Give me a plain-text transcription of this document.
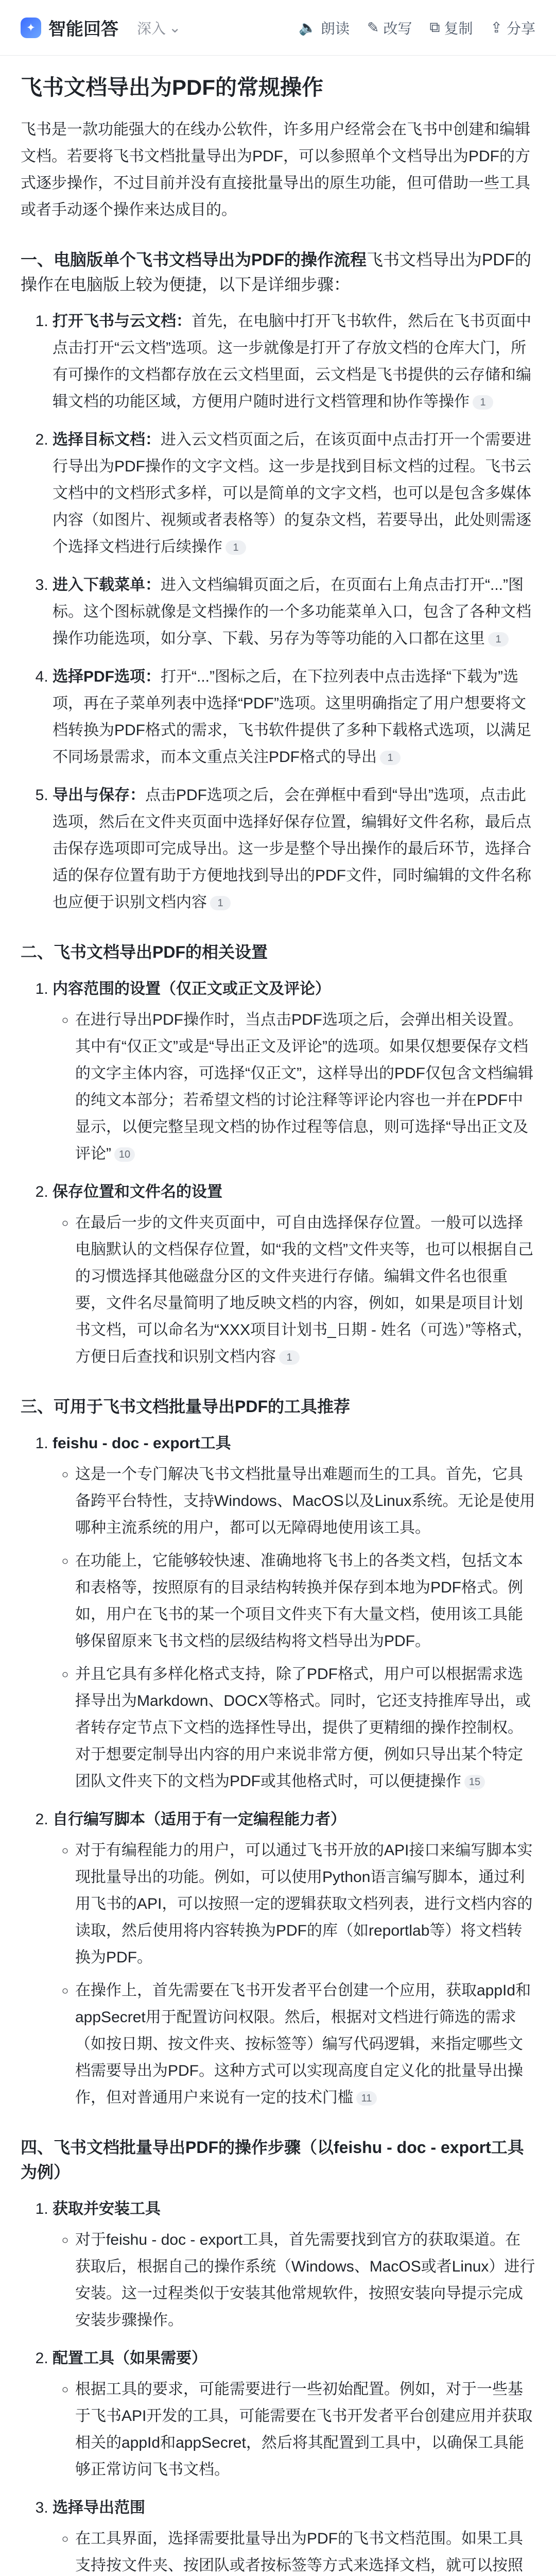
✦ 智能回答 深入 ⌄	🔈 朗读 ✎ 改写 ⧉ 复制 ⇪ 分享
飞书文档导出为PDF的常规操作

飞书是一款功能强大的在线办公软件，许多用户经常会在飞书中创建和编辑文档。若要将飞书文档批量导出为PDF，可以参照单个文档导出为PDF的方式逐步操作，不过目前并没有直接批量导出的原生功能，但可借助一些工具或者手动逐个操作来达成目的。

一、电脑版单个飞书文档导出为PDF的操作流程飞书文档导出为PDF的操作在电脑版上较为便捷，以下是详细步骤：
1. 打开飞书与云文档：首先，在电脑中打开飞书软件，然后在飞书页面中点击打开“云文档”选项。这一步就像是打开了存放文档的仓库大门，所有可操作的文档都存放在云文档里面，云文档是飞书提供的云存储和编辑文档的功能区域，方便用户随时进行文档管理和协作等操作 1
2. 选择目标文档：进入云文档页面之后，在该页面中点击打开一个需要进行导出为PDF操作的文字文档。这一步是找到目标文档的过程。飞书云文档中的文档形式多样，可以是简单的文字文档，也可以是包含多媒体内容（如图片、视频或者表格等）的复杂文档，若要导出，此处则需逐个选择文档进行后续操作 1
3. 进入下载菜单：进入文档编辑页面之后，在页面右上角点击打开“...”图标。这个图标就像是文档操作的一个多功能菜单入口，包含了各种文档操作功能选项，如分享、下载、另存为等等功能的入口都在这里 1
4. 选择PDF选项：打开“...”图标之后，在下拉列表中点击选择“下载为”选项，再在子菜单列表中选择“PDF”选项。这里明确指定了用户想要将文档转换为PDF格式的需求，飞书软件提供了多种下载格式选项，以满足不同场景需求，而本文重点关注PDF格式的导出 1
5. 导出与保存：点击PDF选项之后，会在弹框中看到“导出”选项，点击此选项，然后在文件夹页面中选择好保存位置，编辑好文件名称，最后点击保存选项即可完成导出。这一步是整个导出操作的最后环节，选择合适的保存位置有助于方便地找到导出的PDF文件，同时编辑的文件名称也应便于识别文档内容 1
二、飞书文档导出PDF的相关设置
1. 内容范围的设置（仅正文或正文及评论）
◦ 在进行导出PDF操作时，当点击PDF选项之后，会弹出相关设置。其中有“仅正文”或是“导出正文及评论”的选项。如果仅想要保存文档的文字主体内容，可选择“仅正文”，这样导出的PDF仅包含文档编辑的纯文本部分；若希望文档的讨论注释等评论内容也一并在PDF中显示，以便完整呈现文档的协作过程等信息，则可选择“导出正文及评论” 10
2. 保存位置和文件名的设置
◦ 在最后一步的文件夹页面中，可自由选择保存位置。一般可以选择电脑默认的文档保存位置，如“我的文档”文件夹等，也可以根据自己的习惯选择其他磁盘分区的文件夹进行存储。编辑文件名也很重要，文件名尽量简明了地反映文档的内容，例如，如果是项目计划书文档，可以命名为“XXX项目计划书_日期 - 姓名（可选）”等格式，方便日后查找和识别文档内容 1
三、可用于飞书文档批量导出PDF的工具推荐
1. feishu - doc - export工具
◦ 这是一个专门解决飞书文档批量导出难题而生的工具。首先，它具备跨平台特性，支持Windows、MacOS以及Linux系统。无论是使用哪种主流系统的用户，都可以无障碍地使用该工具。
◦ 在功能上，它能够较快速、准确地将飞书上的各类文档，包括文本和表格等，按照原有的目录结构转换并保存到本地为PDF格式。例如，用户在飞书的某一个项目文件夹下有大量文档，使用该工具能够保留原来飞书文档的层级结构将文档导出为PDF。
◦ 并且它具有多样化格式支持，除了PDF格式，用户可以根据需求选择导出为Markdown、DOCX等格式。同时，它还支持推库导出，或者转存定节点下文档的选择性导出，提供了更精细的操作控制权。对于想要定制导出内容的用户来说非常方便，例如只导出某个特定团队文件夹下的文档为PDF或其他格式时，可以便捷操作 15
2. 自行编写脚本（适用于有一定编程能力者）
◦ 对于有编程能力的用户，可以通过飞书开放的API接口来编写脚本实现批量导出的功能。例如，可以使用Python语言编写脚本，通过利用飞书的API，可以按照一定的逻辑获取文档列表，进行文档内容的读取，然后使用将内容转换为PDF的库（如reportlab等）将文档转换为PDF。
◦ 在操作上，首先需要在飞书开发者平台创建一个应用，获取appId和appSecret用于配置访问权限。然后，根据对文档进行筛选的需求（如按日期、按文件夹、按标签等）编写代码逻辑，来指定哪些文档需要导出为PDF。这种方式可以实现高度自定义化的批量导出操作，但对普通用户来说有一定的技术门槛 11
四、飞书文档批量导出PDF的操作步骤（以feishu - doc - export工具为例）
1. 获取并安装工具
◦ 对于feishu - doc - export工具，首先需要找到官方的获取渠道。在获取后，根据自己的操作系统（Windows、MacOS或者Linux）进行安装。这一过程类似于安装其他常规软件，按照安装向导提示完成安装步骤操作。
2. 配置工具（如果需要）
◦ 根据工具的要求，可能需要进行一些初始配置。例如，对于一些基于飞书API开发的工具，可能需要在飞书开发者平台创建应用并获取相关的appId和appSecret，然后将其配置到工具中，以确保工具能够正常访问飞书文档。
3. 选择导出范围
◦ 在工具界面，选择需要批量导出为PDF的飞书文档范围。如果工具支持按文件夹、按团队或者按标签等方式来选择文档，就可以按照
